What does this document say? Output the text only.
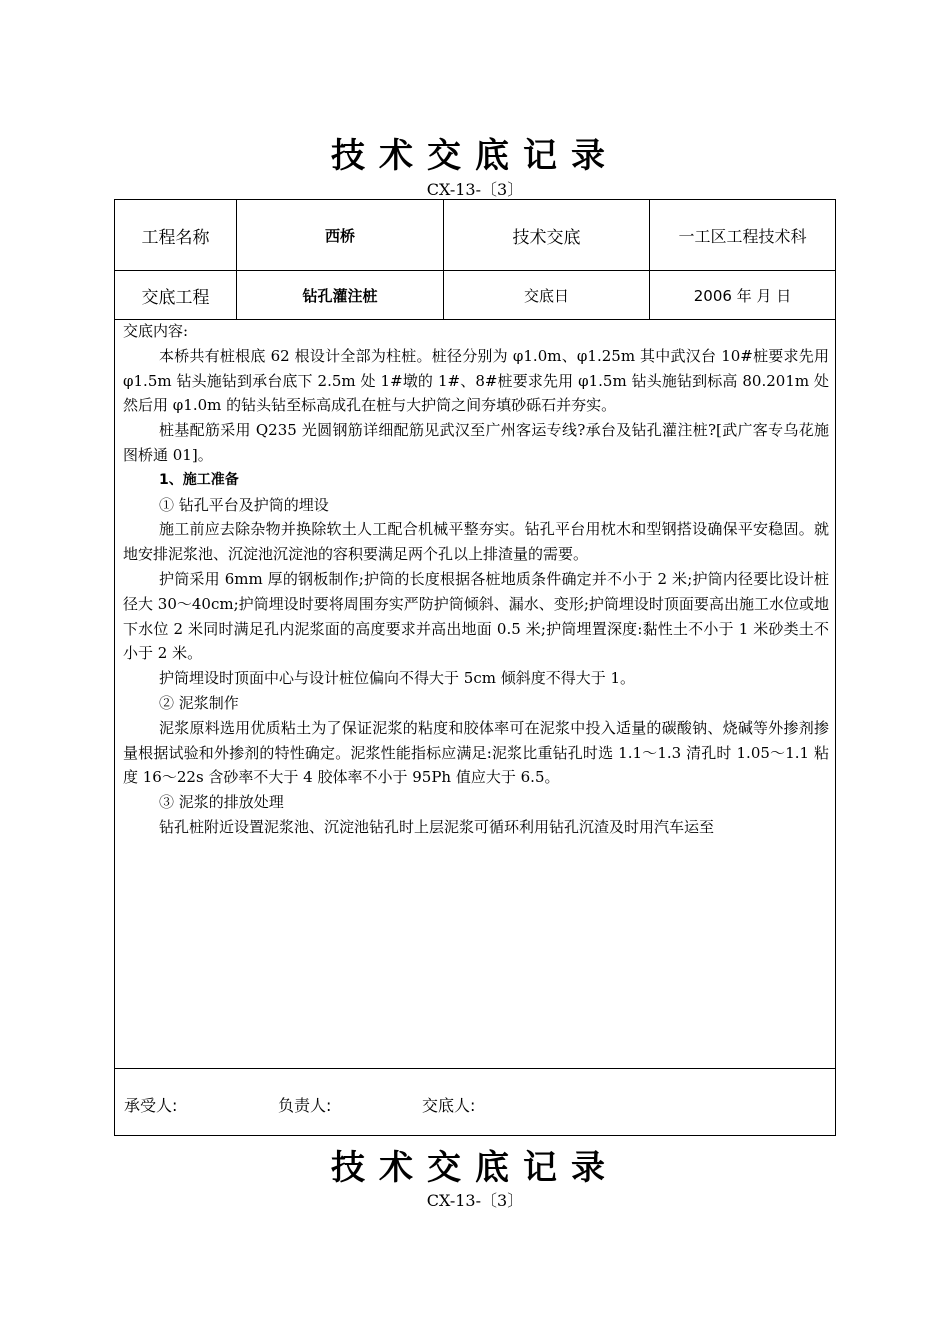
技术交底记录
CX-13-〔3〕
工程名称	西桥	技术交底	一工区工程技术科
交底工程	钻孔灌注桩	交底日	2006 年 月 日

交底内容:

本桥共有桩根底 62 根设计全部为柱桩。桩径分别为 φ1.0m、φ1.25m 其中武汉台 10#桩要求先用 φ1.5m 钻头施钻到承台底下 2.5m 处 1#墩的 1#、8#桩要求先用 φ1.5m 钻头施钻到标高 80.201m 处然后用 φ1.0m 的钻头钻至标高成孔在桩与大护筒之间夯填砂砾石并夯实。

桩基配筋采用 Q235 光圆钢筋详细配筋见武汉至广州客运专线?承台及钻孔灌注桩?[武广客专乌花施图桥通 01]。

1、施工准备

① 钻孔平台及护筒的埋设

施工前应去除杂物并换除软土人工配合机械平整夯实。钻孔平台用枕木和型钢搭设确保平安稳固。就地安排泥浆池、沉淀池沉淀池的容积要满足两个孔以上排渣量的需要。

护筒采用 6mm 厚的钢板制作;护筒的长度根据各桩地质条件确定并不小于 2 米;护筒内径要比设计桩径大 30～40cm;护筒埋设时要将周围夯实严防护筒倾斜、漏水、变形;护筒埋设时顶面要高出施工水位或地下水位 2 米同时满足孔内泥浆面的高度要求并高出地面 0.5 米;护筒埋置深度:黏性土不小于 1 米砂类土不小于 2 米。

护筒埋设时顶面中心与设计桩位偏向不得大于 5cm 倾斜度不得大于 1。

② 泥浆制作

泥浆原料选用优质粘土为了保证泥浆的粘度和胶体率可在泥浆中投入适量的碳酸钠、烧碱等外掺剂掺量根据试验和外掺剂的特性确定。泥浆性能指标应满足:泥浆比重钻孔时选 1.1～1.3 清孔时 1.05～1.1 粘度 16～22s 含砂率不大于 4 胶体率不小于 95Ph 值应大于 6.5。

③ 泥浆的排放处理

钻孔桩附近设置泥浆池、沉淀池钻孔时上层泥浆可循环利用钻孔沉渣及时用汽车运至

承受人:	负责人:	交底人:
技术交底记录
CX-13-〔3〕
